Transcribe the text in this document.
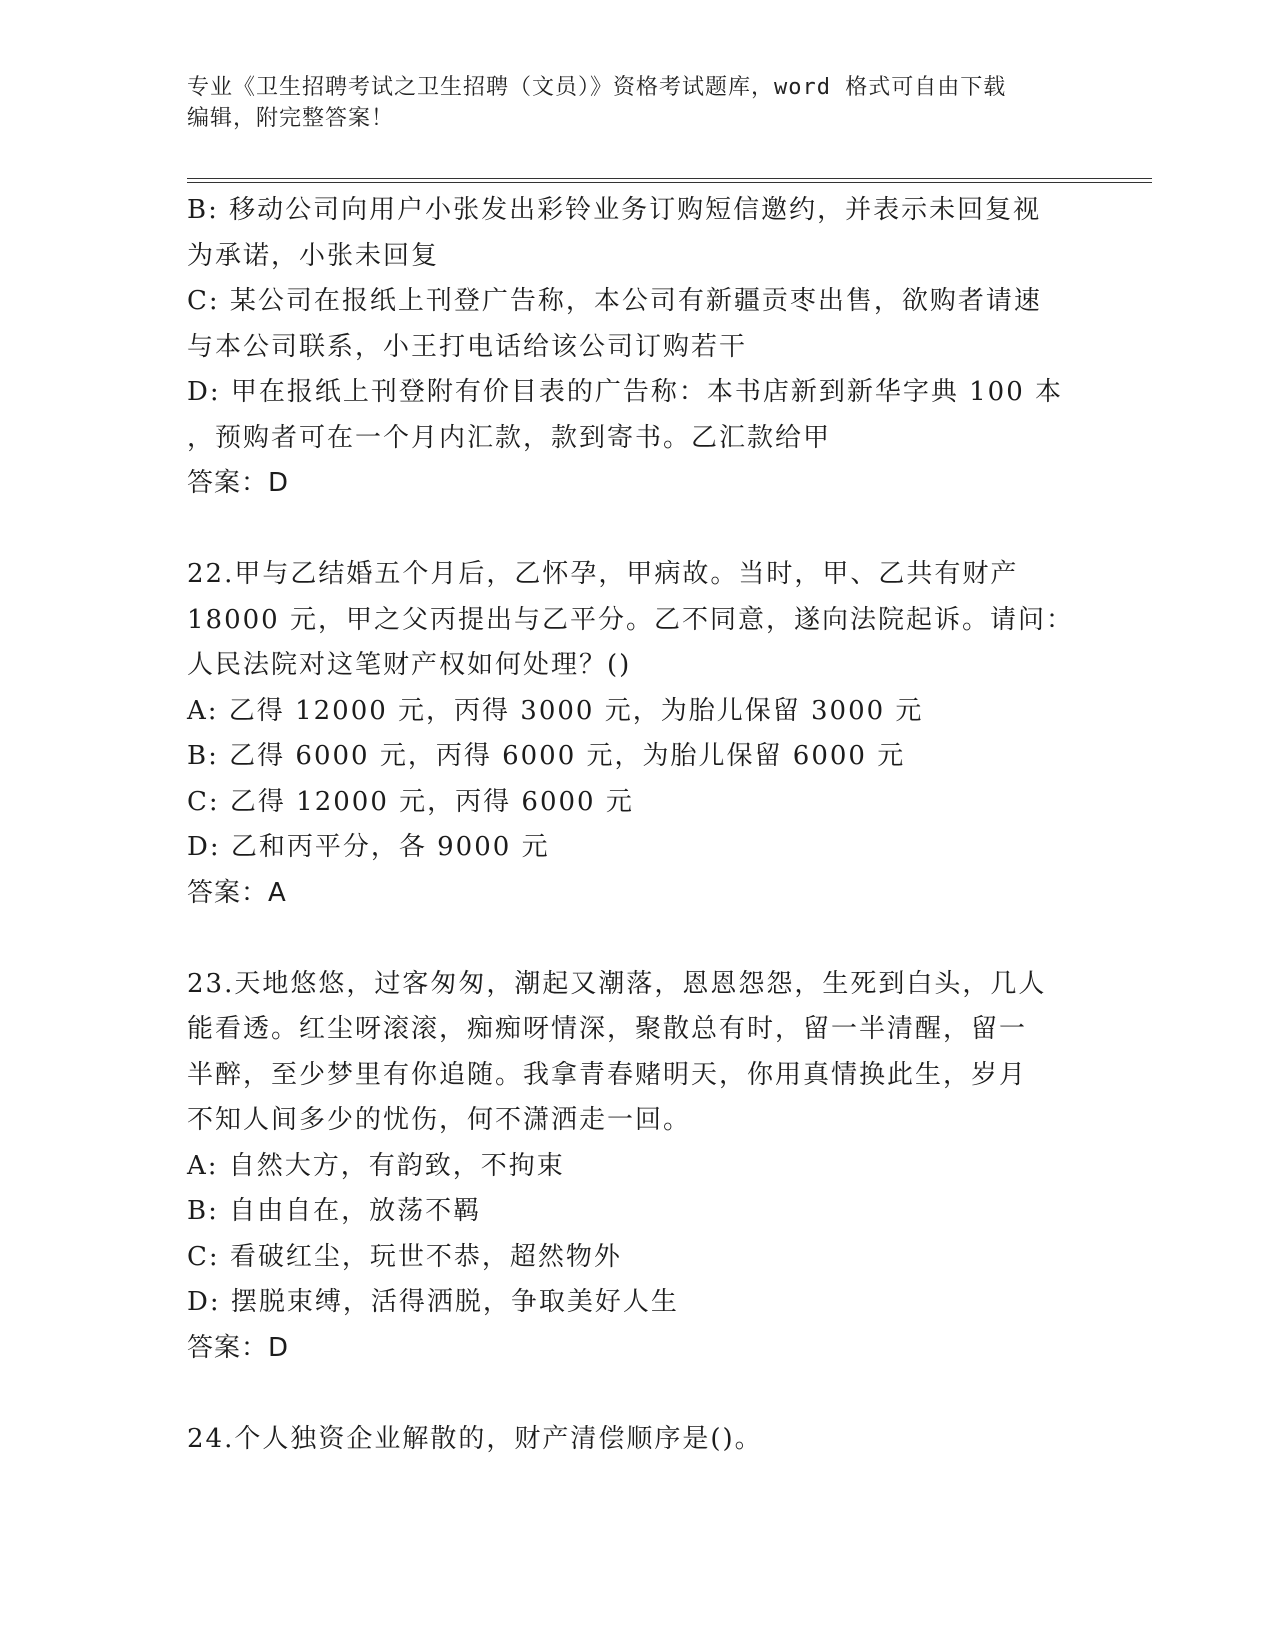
专业《卫生招聘考试之卫生招聘（文员）》资格考试题库，word 格式可自由下载
编辑，附完整答案！
B: 移动公司向用户小张发出彩铃业务订购短信邀约，并表示未回复视
为承诺，小张未回复
C: 某公司在报纸上刊登广告称，本公司有新疆贡枣出售，欲购者请速
与本公司联系，小王打电话给该公司订购若干
D: 甲在报纸上刊登附有价目表的广告称：本书店新到新华字典 100 本
，预购者可在一个月内汇款，款到寄书。乙汇款给甲
答案：D
22.甲与乙结婚五个月后，乙怀孕，甲病故。当时，甲、乙共有财产
18000 元，甲之父丙提出与乙平分。乙不同意，遂向法院起诉。请问：
人民法院对这笔财产权如何处理？()
A: 乙得 12000 元，丙得 3000 元，为胎儿保留 3000 元
B: 乙得 6000 元，丙得 6000 元，为胎儿保留 6000 元
C: 乙得 12000 元，丙得 6000 元
D: 乙和丙平分，各 9000 元
答案：A
23.天地悠悠，过客匆匆，潮起又潮落，恩恩怨怨，生死到白头，几人
能看透。红尘呀滚滚，痴痴呀情深，聚散总有时，留一半清醒，留一
半醉，至少梦里有你追随。我拿青春赌明天，你用真情换此生，岁月
不知人间多少的忧伤，何不潇洒走一回。
A: 自然大方，有韵致，不拘束
B: 自由自在，放荡不羁
C: 看破红尘，玩世不恭，超然物外
D: 摆脱束缚，活得洒脱，争取美好人生
答案：D
24.个人独资企业解散的，财产清偿顺序是()。
